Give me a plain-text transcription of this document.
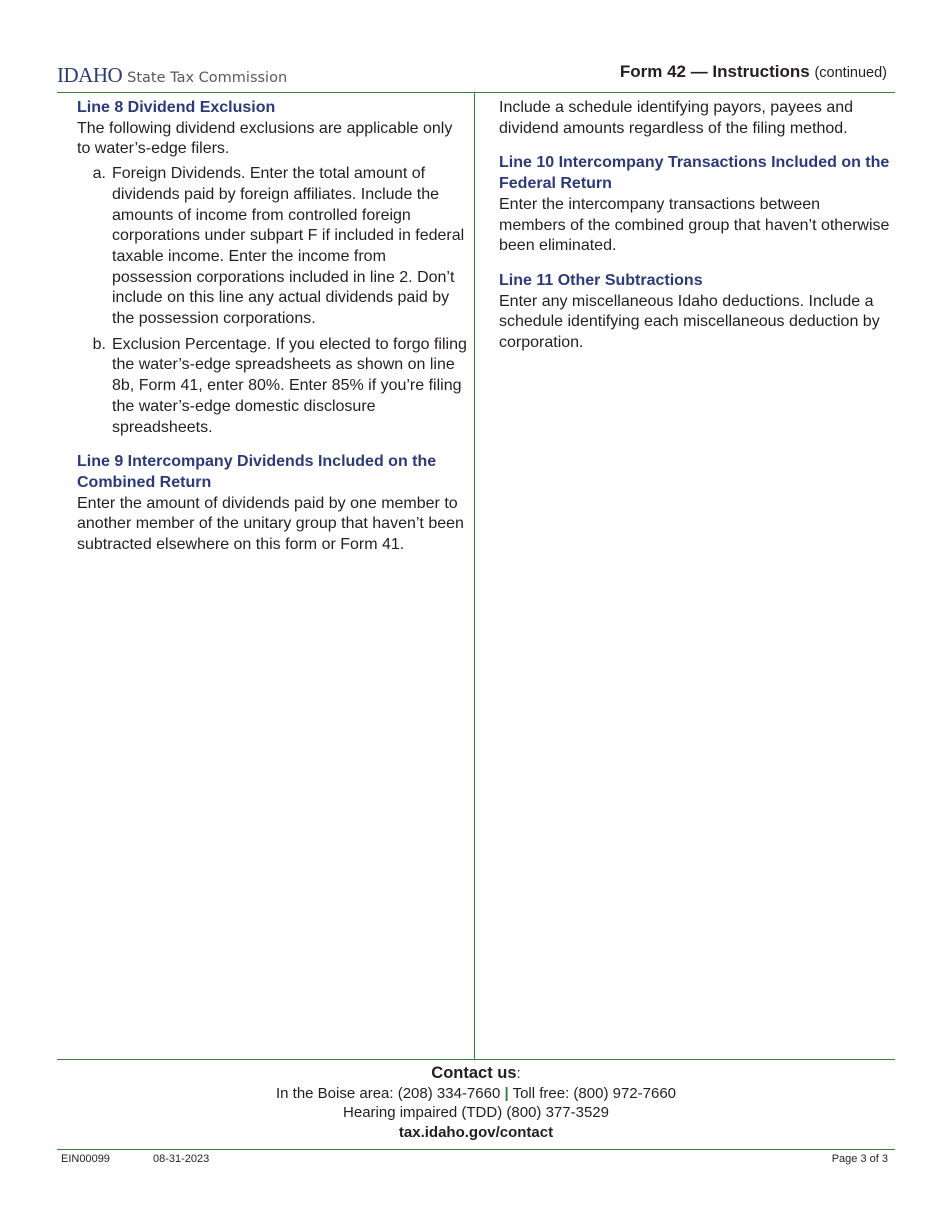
IDAHO State Tax Commission	Form 42 — Instructions (continued)

Line 8 Dividend Exclusion

The following dividend exclusions are applicable only to water’s-edge filers.

a. Foreign Dividends. Enter the total amount of dividends paid by foreign affiliates. Include the amounts of income from controlled foreign corporations under subpart F if included in federal taxable income. Enter the income from possession corporations included in line 2. Don’t include on this line any actual dividends paid by the possession corporations.
b. Exclusion Percentage. If you elected to forgo filing the water’s-edge spreadsheets as shown on line 8b, Form 41, enter 80%. Enter 85% if you’re filing the water’s-edge domestic disclosure spreadsheets.

Line 9 Intercompany Dividends Included on the Combined Return

Enter the amount of dividends paid by one member to another member of the unitary group that haven’t been subtracted elsewhere on this form or Form 41.

Include a schedule identifying payors, payees and dividend amounts regardless of the filing method.

Line 10 Intercompany Transactions Included on the Federal Return

Enter the intercompany transactions between members of the combined group that haven’t otherwise been eliminated.

Line 11 Other Subtractions

Enter any miscellaneous Idaho deductions. Include a schedule identifying each miscellaneous deduction by corporation.

Contact us:
In the Boise area: (208) 334-7660 | Toll free: (800) 972-7660
Hearing impaired (TDD) (800) 377-3529
tax.idaho.gov/contact
EIN00099	08-31-2023	Page 3 of 3
